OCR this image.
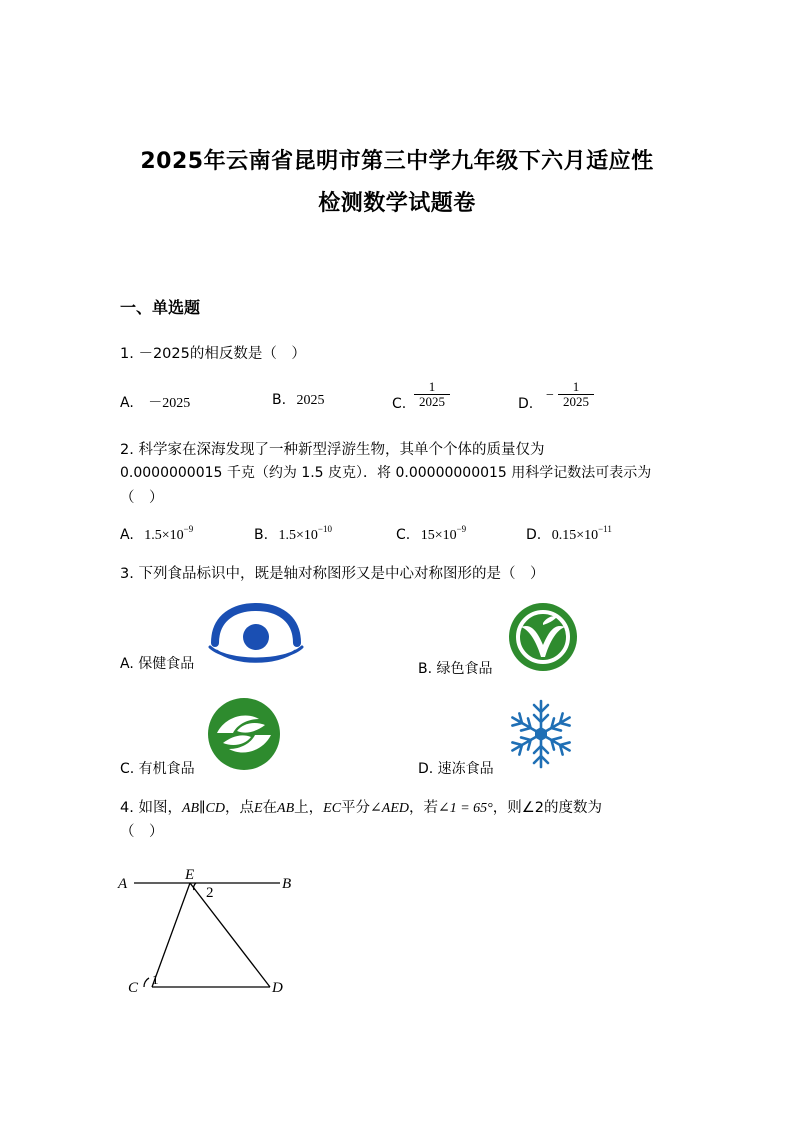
2025年云南省昆明市第三中学九年级下六月适应性
检测数学试题卷
一、单选题
1. －2025的相反数是（　）
A. －2025	B. 2025	C. $\frac{1}{2025}$	D.
− $\frac{1}{2025}$
2. 科学家在深海发现了一种新型浮游生物，其单个个体的质量仅为
0.0000000015 千克（约为 1.5 皮克）．将 0.00000000015 用科学记数法可表示为
（　）
A. $1.5\times 10^{-9}$	B. $1.5\times 10^{-10}$	C. $15\times 10^{-9}$	D. $0.15\times 10^{-11}$
3. 下列食品标识中，既是轴对称图形又是中心对称图形的是（　）
A. 保健食品	B. 绿色食品
C. 有机食品	D. 速冻食品
4. 如图，AB∥CD，点E在AB上，EC平分∠AED，若∠1 = 65°，则∠2的度数为
（　）
A	B
E
C	D
2
1
